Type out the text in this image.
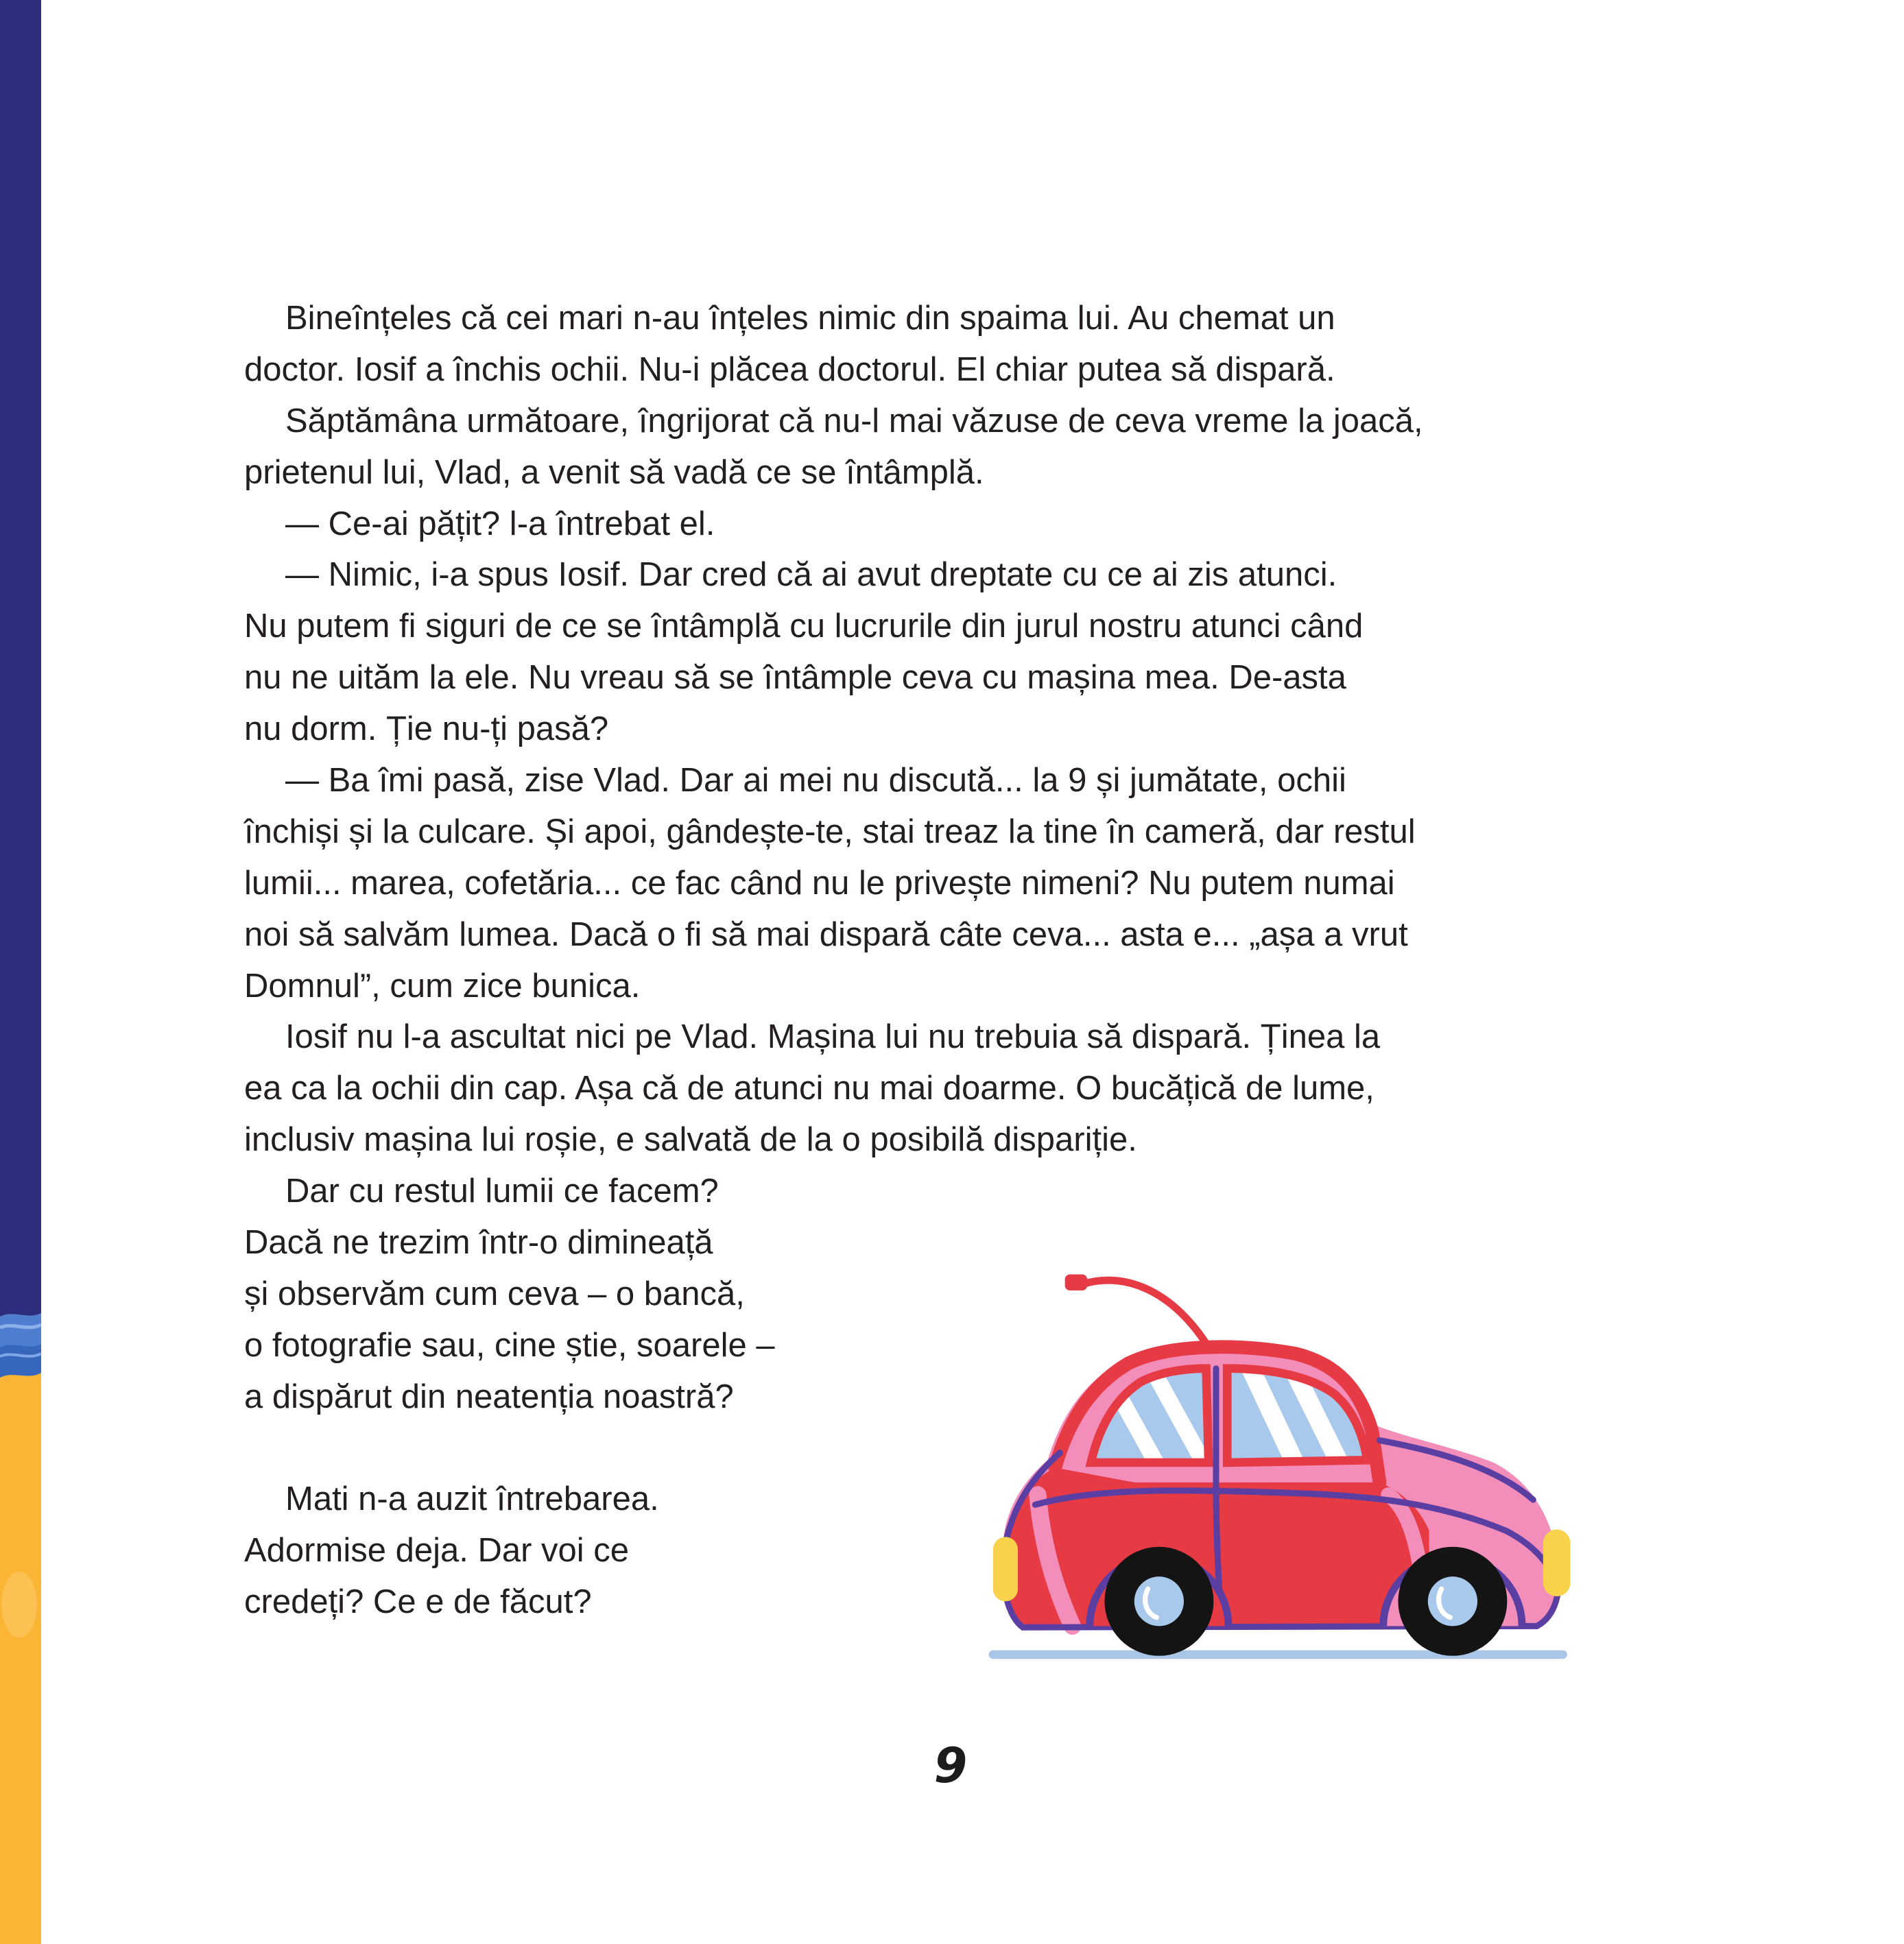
Bineînțeles că cei mari n-au înțeles nimic din spaima lui. Au chemat un
doctor. Iosif a închis ochii. Nu-i plăcea doctorul. El chiar putea să dispară.
Săptămâna următoare, îngrijorat că nu-l mai văzuse de ceva vreme la joacă,
prietenul lui, Vlad, a venit să vadă ce se întâmplă.
— Ce-ai pățit? l-a întrebat el.
— Nimic, i-a spus Iosif. Dar cred că ai avut dreptate cu ce ai zis atunci.
Nu putem fi siguri de ce se întâmplă cu lucrurile din jurul nostru atunci când
nu ne uităm la ele. Nu vreau să se întâmple ceva cu mașina mea. De-asta
nu dorm. Ție nu-ți pasă?
— Ba îmi pasă, zise Vlad. Dar ai mei nu discută... la 9 și jumătate, ochii
închiși și la culcare. Și apoi, gândește-te, stai treaz la tine în cameră, dar restul
lumii... marea, cofetăria... ce fac când nu le privește nimeni? Nu putem numai
noi să salvăm lumea. Dacă o fi să mai dispară câte ceva... asta e... „așa a vrut
Domnul”, cum zice bunica.
Iosif nu l-a ascultat nici pe Vlad. Mașina lui nu trebuia să dispară. Ținea la
ea ca la ochii din cap. Așa că de atunci nu mai doarme. O bucățică de lume,
inclusiv mașina lui roșie, e salvată de la o posibilă dispariție.
Dar cu restul lumii ce facem?
Dacă ne trezim într-o dimineață
și observăm cum ceva – o bancă,
o fotografie sau, cine știe, soarele –
a dispărut din neatenția noastră?
Mati n-a auzit întrebarea.
Adormise deja. Dar voi ce
credeți? Ce e de făcut?
9
